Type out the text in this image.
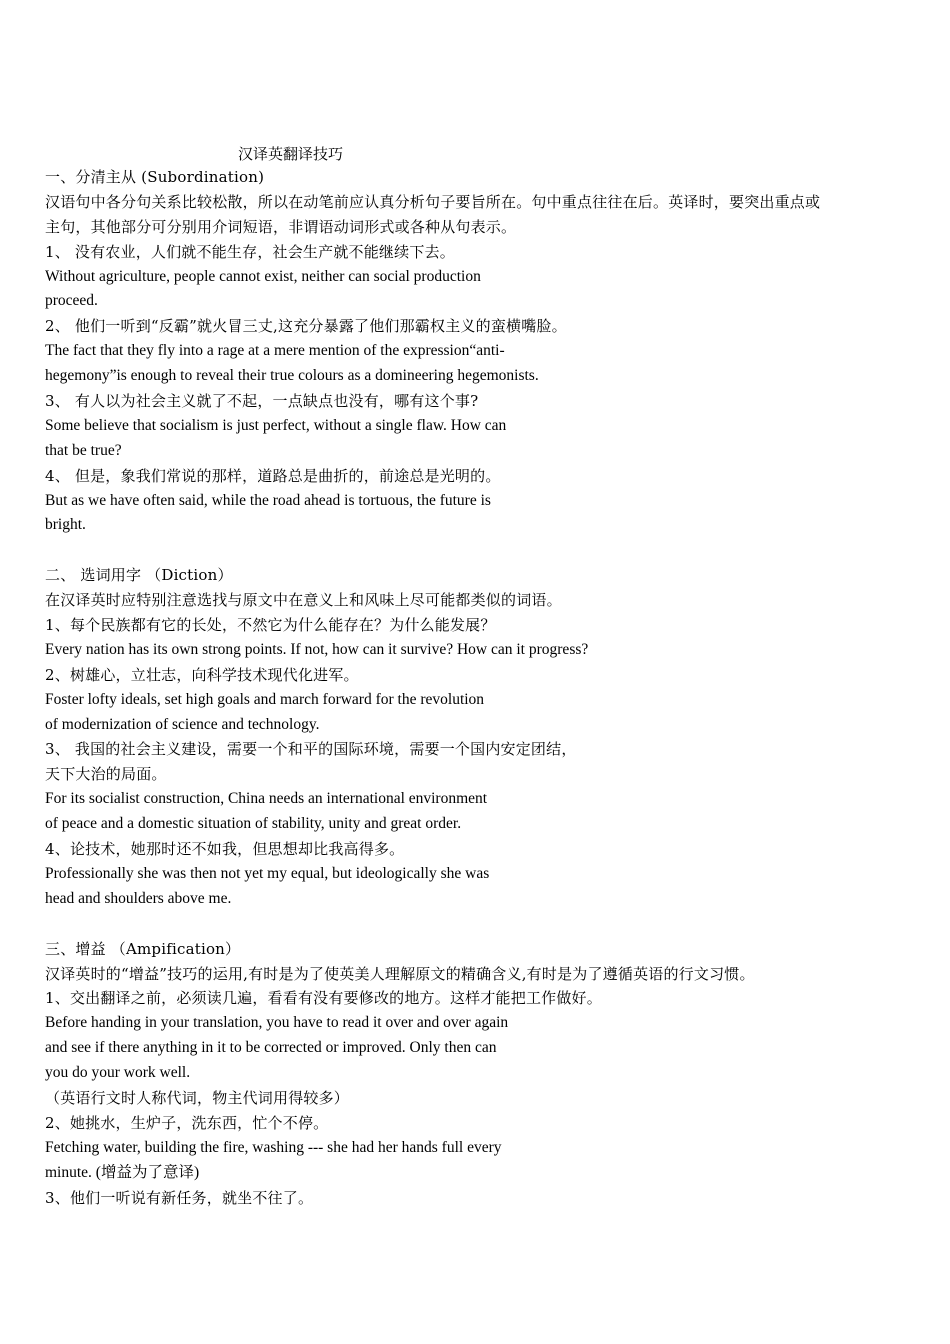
汉译英翻译技巧
一、分清主从 (Subordination)
汉语句中各分句关系比较松散，所以在动笔前应认真分析句子要旨所在。句中重点往往在后。英译时，要突出重点或
主句，其他部分可分别用介词短语，非谓语动词形式或各种从句表示。
1、 没有农业，人们就不能生存，社会生产就不能继续下去。
Without agriculture, people cannot exist, neither can social production
proceed.
2、 他们一听到“反霸”就火冒三丈,这充分暴露了他们那霸权主义的蛮横嘴脸。
The fact that they fly into a rage at a mere mention of the expression“anti-
hegemony”is enough to reveal their true colours as a domineering hegemonists.
3、 有人以为社会主义就了不起，一点缺点也没有，哪有这个事?
Some believe that socialism is just perfect, without a single flaw. How can
that be true?
4、 但是，象我们常说的那样，道路总是曲折的，前途总是光明的。
But as we have often said, while the road ahead is tortuous, the future is
bright.
二、 选词用字 （Diction）
在汉译英时应特别注意选找与原文中在意义上和风味上尽可能都类似的词语。
1、每个民族都有它的长处，不然它为什么能存在？为什么能发展？
Every nation has its own strong points. If not, how can it survive? How can it progress?
2、树雄心，立壮志，向科学技术现代化进军。
Foster lofty ideals, set high goals and march forward for the revolution
of modernization of science and technology.
3、 我国的社会主义建设，需要一个和平的国际环境，需要一个国内安定团结，
天下大治的局面。
For its socialist construction, China needs an international environment
of peace and a domestic situation of stability, unity and great order.
4、论技术，她那时还不如我，但思想却比我高得多。
Professionally she was then not yet my equal, but ideologically she was
head and shoulders above me.
三、增益 （Ampification）
汉译英时的“增益”技巧的运用,有时是为了使英美人理解原文的精确含义,有时是为了遵循英语的行文习惯。
1、交出翻译之前，必须读几遍，看看有没有要修改的地方。这样才能把工作做好。
Before handing in your translation, you have to read it over and over again
and see if there anything in it to be corrected or improved. Only then can
you do your work well.
（英语行文时人称代词，物主代词用得较多）
2、她挑水，生炉子，洗东西，忙个不停。
Fetching water, building the fire, washing --- she had her hands full every
minute. (增益为了意译)
3、他们一听说有新任务，就坐不往了。
